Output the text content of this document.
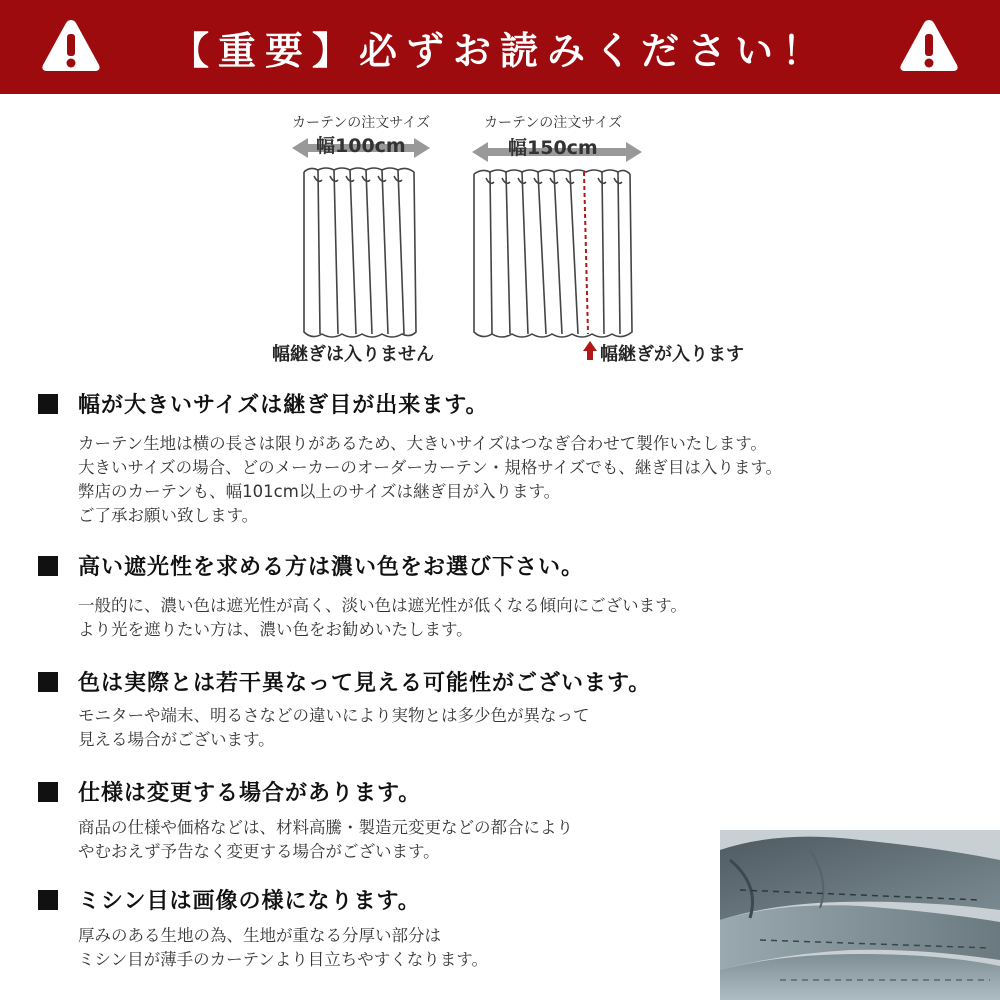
【重要】必ずお読みください！
カーテンの注文サイズ
幅100cm
カーテンの注文サイズ
幅150cm
幅継ぎは入りません	幅継ぎが入ります
幅が大きいサイズは継ぎ目が出来ます。
カーテン生地は横の長さは限りがあるため、大きいサイズはつなぎ合わせて製作いたします。
大きいサイズの場合、どのメーカーのオーダーカーテン・規格サイズでも、継ぎ目は入ります。
弊店のカーテンも、幅101cm以上のサイズは継ぎ目が入ります。
ご了承お願い致します。
高い遮光性を求める方は濃い色をお選び下さい。
一般的に、濃い色は遮光性が高く、淡い色は遮光性が低くなる傾向にございます。
より光を遮りたい方は、濃い色をお勧めいたします。
色は実際とは若干異なって見える可能性がございます。
モニターや端末、明るさなどの違いにより実物とは多少色が異なって
見える場合がございます。
仕様は変更する場合があります。
商品の仕様や価格などは、材料高騰・製造元変更などの都合により
やむおえず予告なく変更する場合がございます。
ミシン目は画像の様になります。
厚みのある生地の為、生地が重なる分厚い部分は
ミシン目が薄手のカーテンより目立ちやすくなります。
